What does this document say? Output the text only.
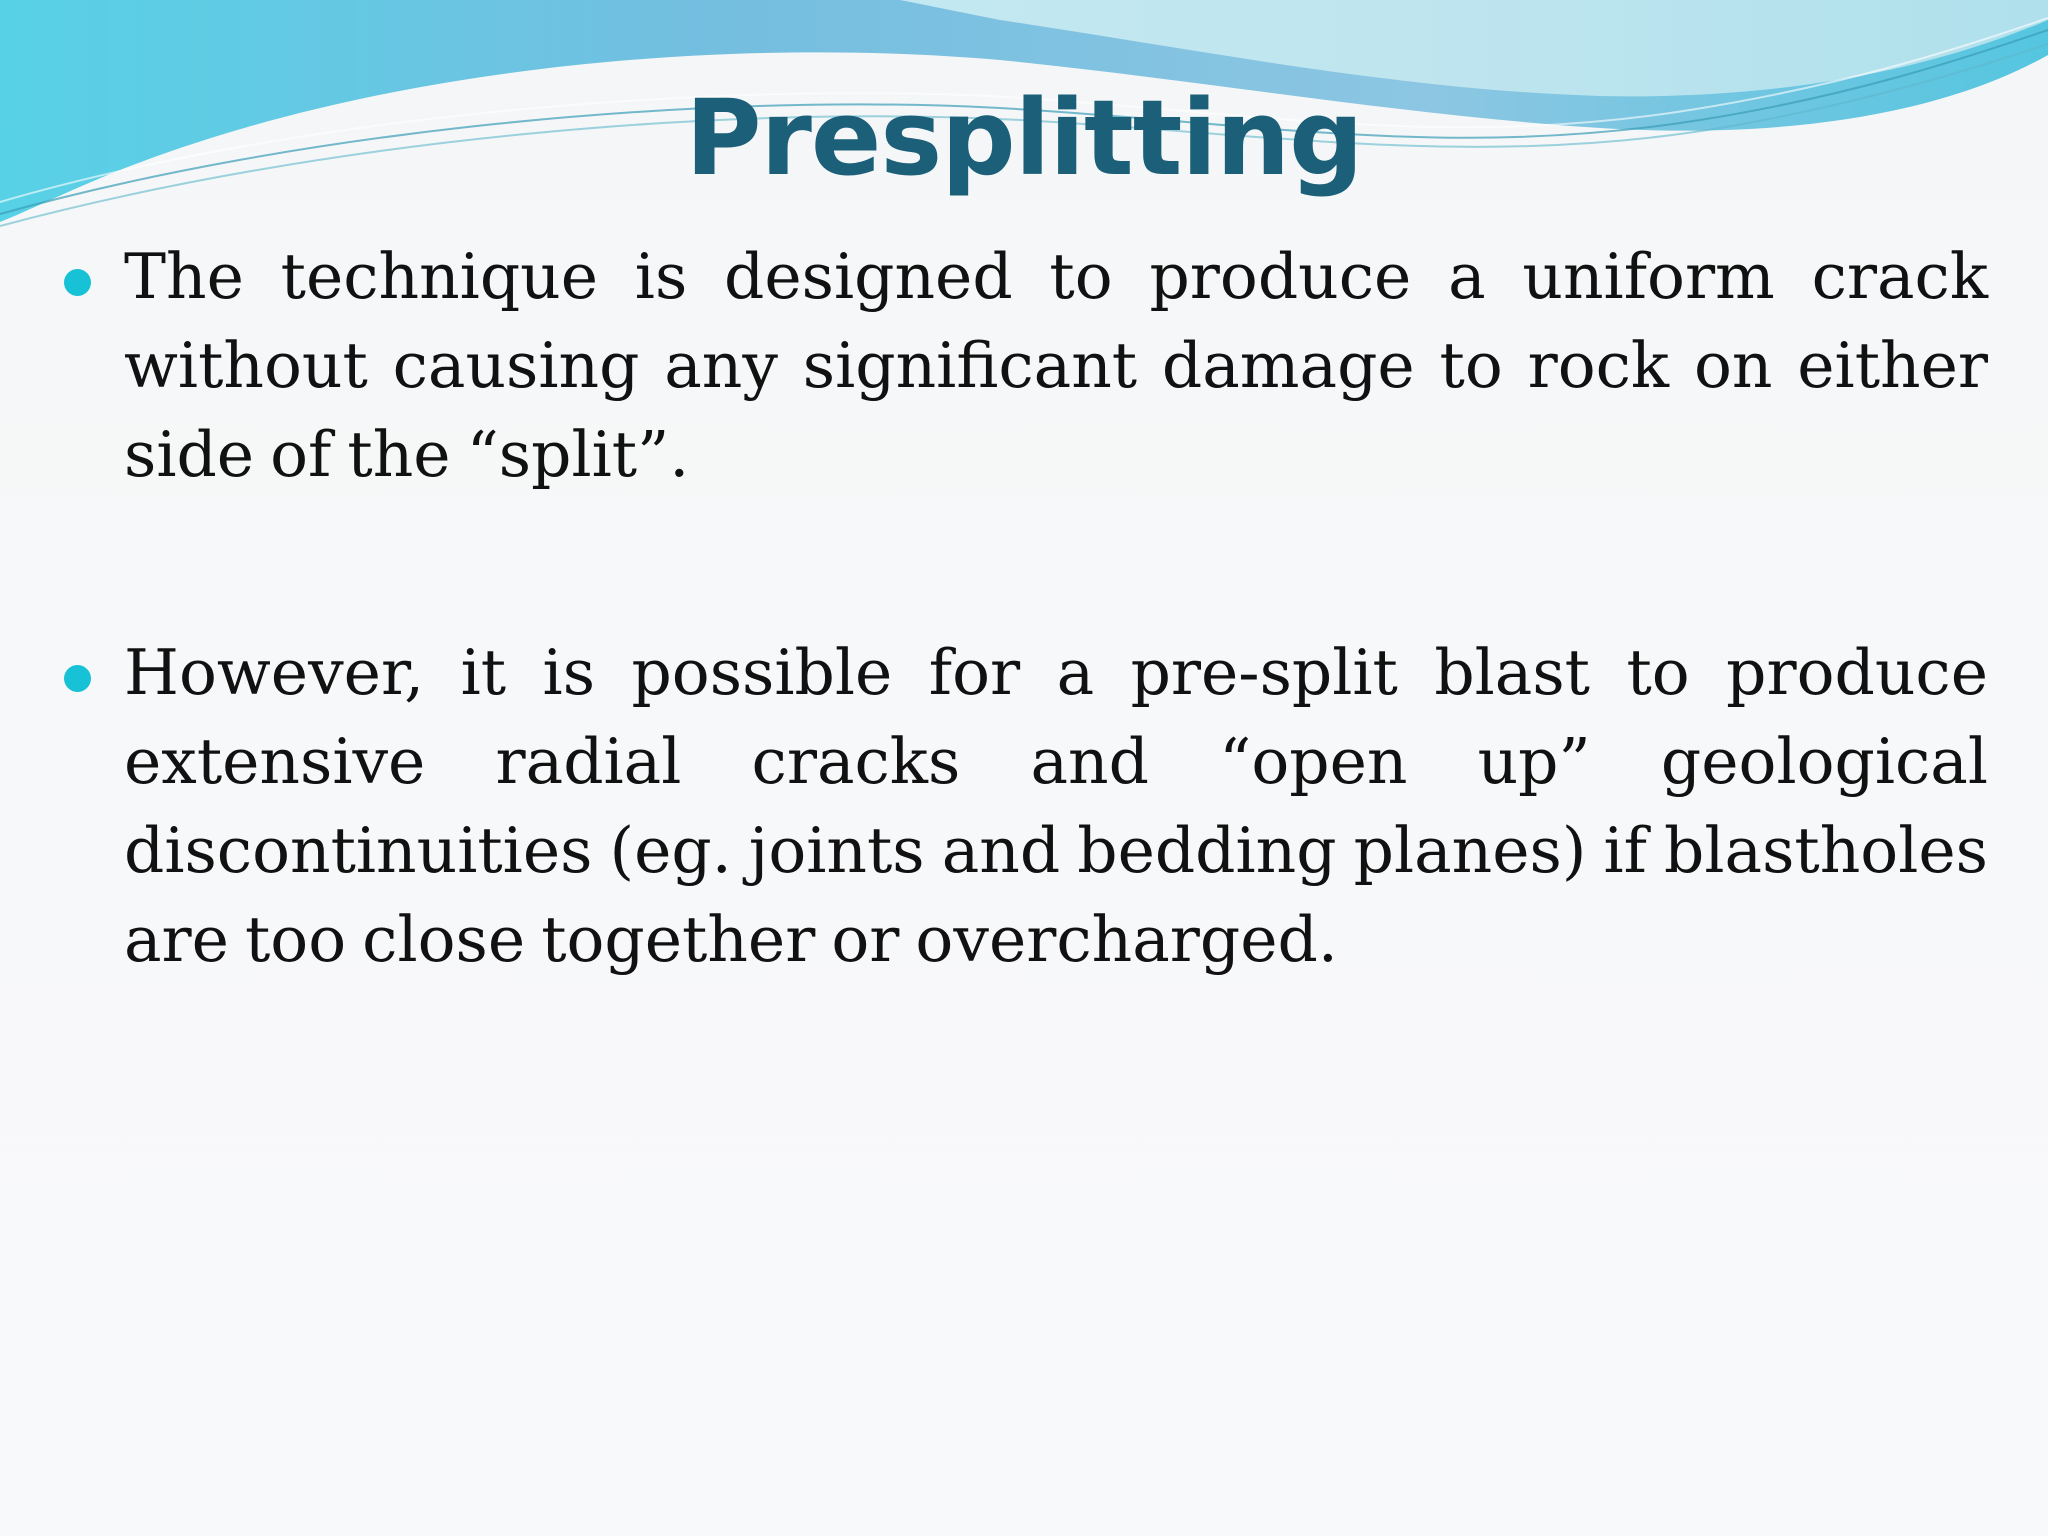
Presplitting
The technique is designed to produce a uniform crack without causing any significant damage to rock on either side of the “split”.
However, it is possible for a pre-split blast to produce extensive radial cracks and “open up” geological discontinuities (eg. joints and bedding planes) if blastholes are too close together or overcharged.
